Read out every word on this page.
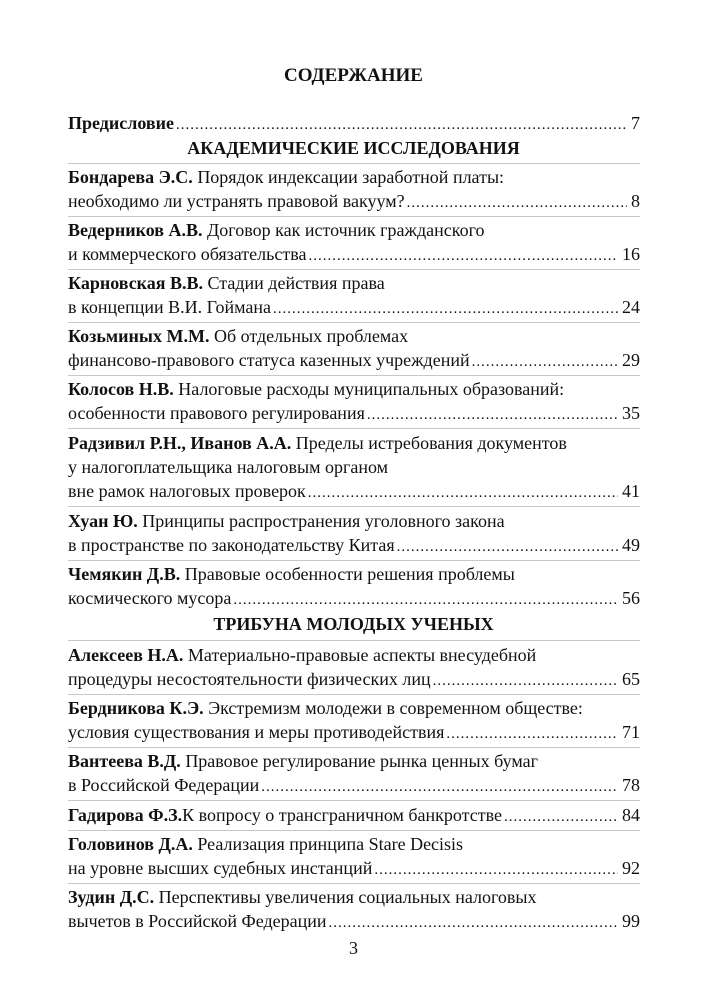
СОДЕРЖАНИЕ
Предисловие .....	7
АКАДЕМИЧЕСКИЕ ИССЛЕДОВАНИЯ
Бондарева Э.С. Порядок индексации заработной платы:
необходимо ли устранять правовой вакуум? .....	8
Ведерников А.В. Договор как источник гражданского
и коммерческого обязательства .....	16
Карновская В.В. Стадии действия права
в концепции В.И. Гоймана .....	24
Козьминых М.М. Об отдельных проблемах
финансово-правового статуса казенных учреждений .....	29
Колосов Н.В. Налоговые расходы муниципальных образований:
особенности правового регулирования .....	35
Радзивил Р.Н., Иванов А.А. Пределы истребования документов
у налогоплательщика налоговым органом
вне рамок налоговых проверок .....	41
Хуан Ю. Принципы распространения уголовного закона
в пространстве по законодательству Китая .....	49
Чемякин Д.В. Правовые особенности решения проблемы
космического мусора .....	56
ТРИБУНА МОЛОДЫХ УЧЕНЫХ
Алексеев Н.А. Материально-правовые аспекты внесудебной
процедуры несостоятельности физических лиц .....	65
Бердникова К.Э. Экстремизм молодежи в современном обществе:
условия существования и меры противодействия .....	71
Вантеева В.Д. Правовое регулирование рынка ценных бумаг
в Российской Федерации .....	78
Гадирова Ф.З. К вопросу о трансграничном банкротстве .....	84
Головинов Д.А. Реализация принципа Stare Decisis
на уровне высших судебных инстанций .....	92
Зудин Д.С. Перспективы увеличения социальных налоговых
вычетов в Российской Федерации .....	99
3
